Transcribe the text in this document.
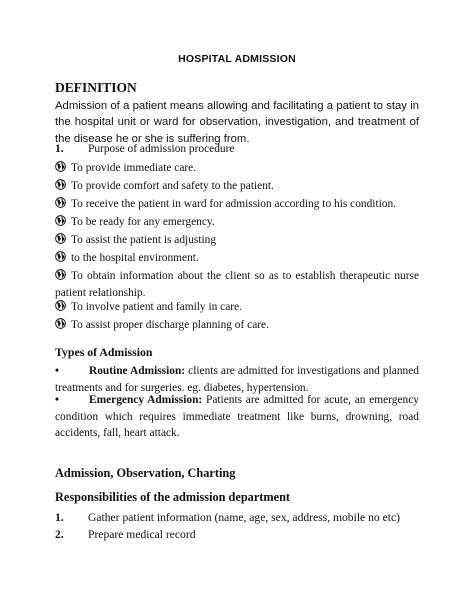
HOSPITAL ADMISSION
DEFINITION
Admission of a patient means allowing and facilitating a patient to stay in the hospital unit or ward for observation, investigation, and treatment of the disease he or she is suffering from.
1. Purpose of admission procedure
To provide immediate care.
To provide comfort and safety to the patient.
To receive the patient in ward for admission according to his condition.
To be ready for any emergency.
To assist the patient is adjusting
to the hospital environment.
To obtain information about the client so as to establish therapeutic nurse patient relationship.
To involve patient and family in care.
To assist proper discharge planning of care.
Types of Admission
•	Routine Admission: clients are admitted for investigations and planned treatments and for surgeries. eg. diabetes, hypertension.
•	Emergency Admission: Patients are admitted for acute, an emergency condition which requires immediate treatment like burns, drowning, road accidents, fall, heart attack.
Admission, Observation, Charting
Responsibilities of the admission department
1. Gather patient information (name, age, sex, address, mobile no etc)
2. Prepare medical record
